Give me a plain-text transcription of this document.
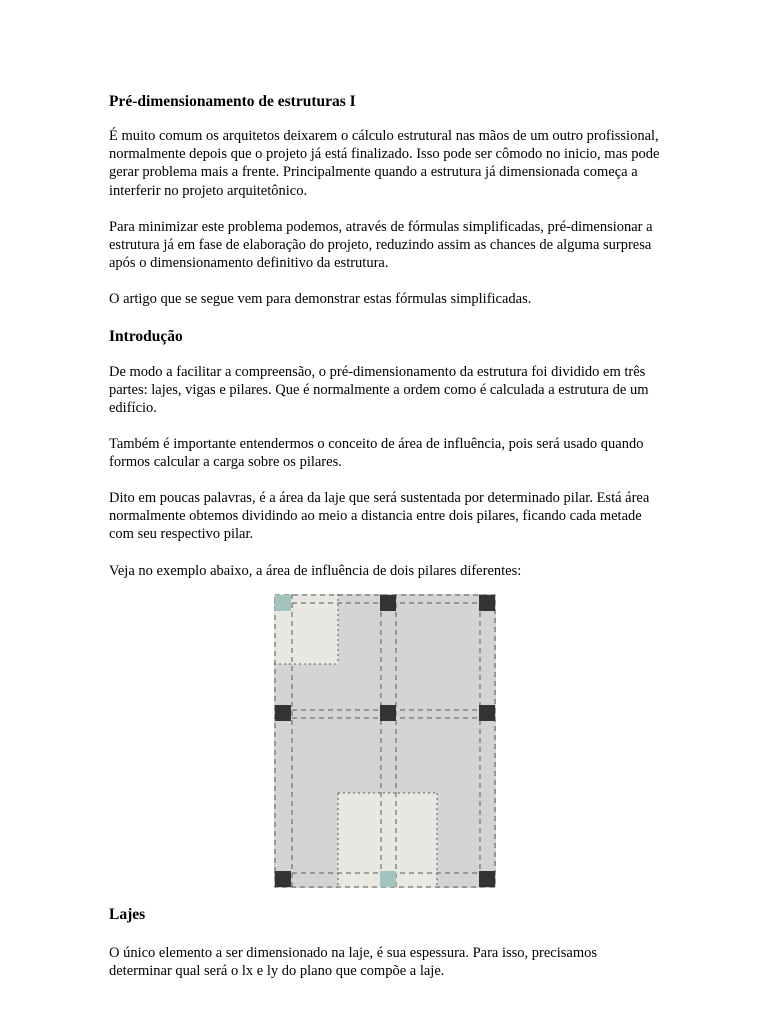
Pré-dimensionamento de estruturas I

É muito comum os arquitetos deixarem o cálculo estrutural nas mãos de um outro profissional, normalmente depois que o projeto já está finalizado. Isso pode ser cômodo no inicio, mas pode gerar problema mais a frente. Principalmente quando a estrutura já dimensionada começa a interferir no projeto arquitetônico.

Para minimizar este problema podemos, através de fórmulas simplificadas, pré-dimensionar a estrutura já em fase de elaboração do projeto, reduzindo assim as chances de alguma surpresa após o dimensionamento definitivo da estrutura.

O artigo que se segue vem para demonstrar estas fórmulas simplificadas.

Introdução

De modo a facilitar a compreensão, o pré-dimensionamento da estrutura foi dividido em três partes: lajes, vigas e pilares. Que é normalmente a ordem como é calculada a estrutura de um edifício.

Também é importante entendermos o conceito de área de influência, pois será usado quando formos calcular a carga sobre os pilares.

Dito em poucas palavras, é a área da laje que será sustentada por determinado pilar. Está área normalmente obtemos dividindo ao meio a distancia entre dois pilares, ficando cada metade com seu respectivo pilar.

Veja no exemplo abaixo, a área de influência de dois pilares diferentes:

Lajes

O único elemento a ser dimensionado na laje, é sua espessura. Para isso, precisamos determinar qual será o lx e ly do plano que compõe a laje.
